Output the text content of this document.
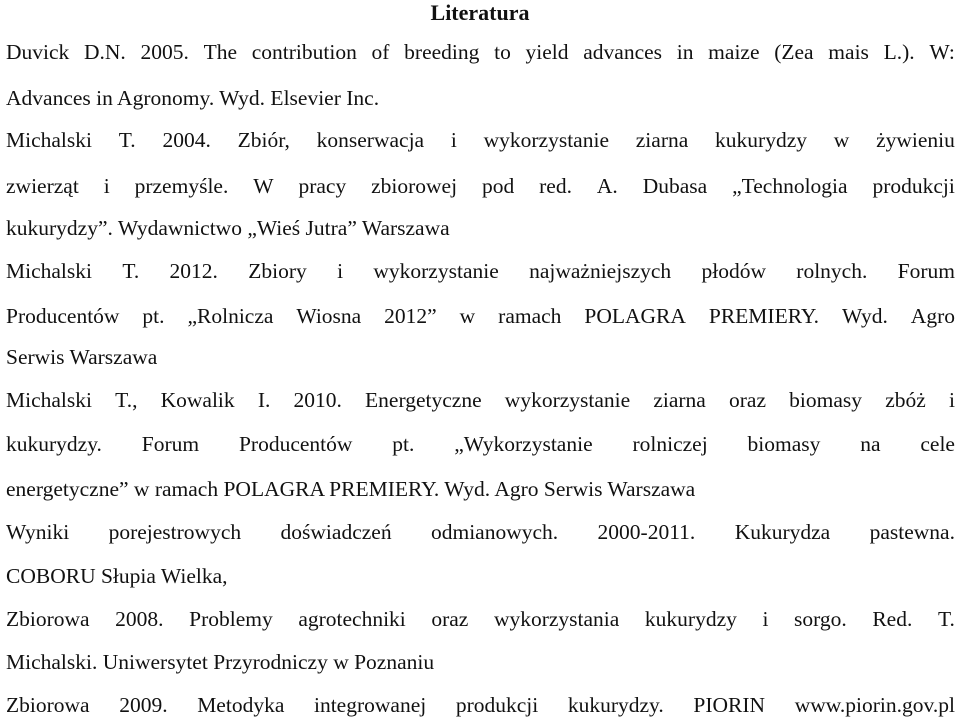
Literatura
Duvick D.N. 2005. The contribution of breeding to yield advances in maize (Zea mais L.). W:
Advances in Agronomy. Wyd. Elsevier Inc.
Michalski T. 2004. Zbiór, konserwacja i wykorzystanie ziarna kukurydzy w żywieniu
zwierząt i przemyśle. W pracy zbiorowej pod red. A. Dubasa „Technologia produkcji
kukurydzy”. Wydawnictwo „Wieś Jutra” Warszawa
Michalski T. 2012. Zbiory i wykorzystanie najważniejszych płodów rolnych. Forum
Producentów pt. „Rolnicza Wiosna 2012” w ramach POLAGRA PREMIERY. Wyd. Agro
Serwis Warszawa
Michalski T., Kowalik I. 2010. Energetyczne wykorzystanie ziarna oraz biomasy zbóż i
kukurydzy. Forum Producentów pt. „Wykorzystanie rolniczej biomasy na cele
energetyczne” w ramach POLAGRA PREMIERY. Wyd. Agro Serwis Warszawa
Wyniki porejestrowych doświadczeń odmianowych. 2000-2011. Kukurydza pastewna.
COBORU Słupia Wielka,
Zbiorowa 2008. Problemy agrotechniki oraz wykorzystania kukurydzy i sorgo. Red. T.
Michalski. Uniwersytet Przyrodniczy w Poznaniu
Zbiorowa 2009. Metodyka integrowanej produkcji kukurydzy. PIORIN www.piorin.gov.pl
